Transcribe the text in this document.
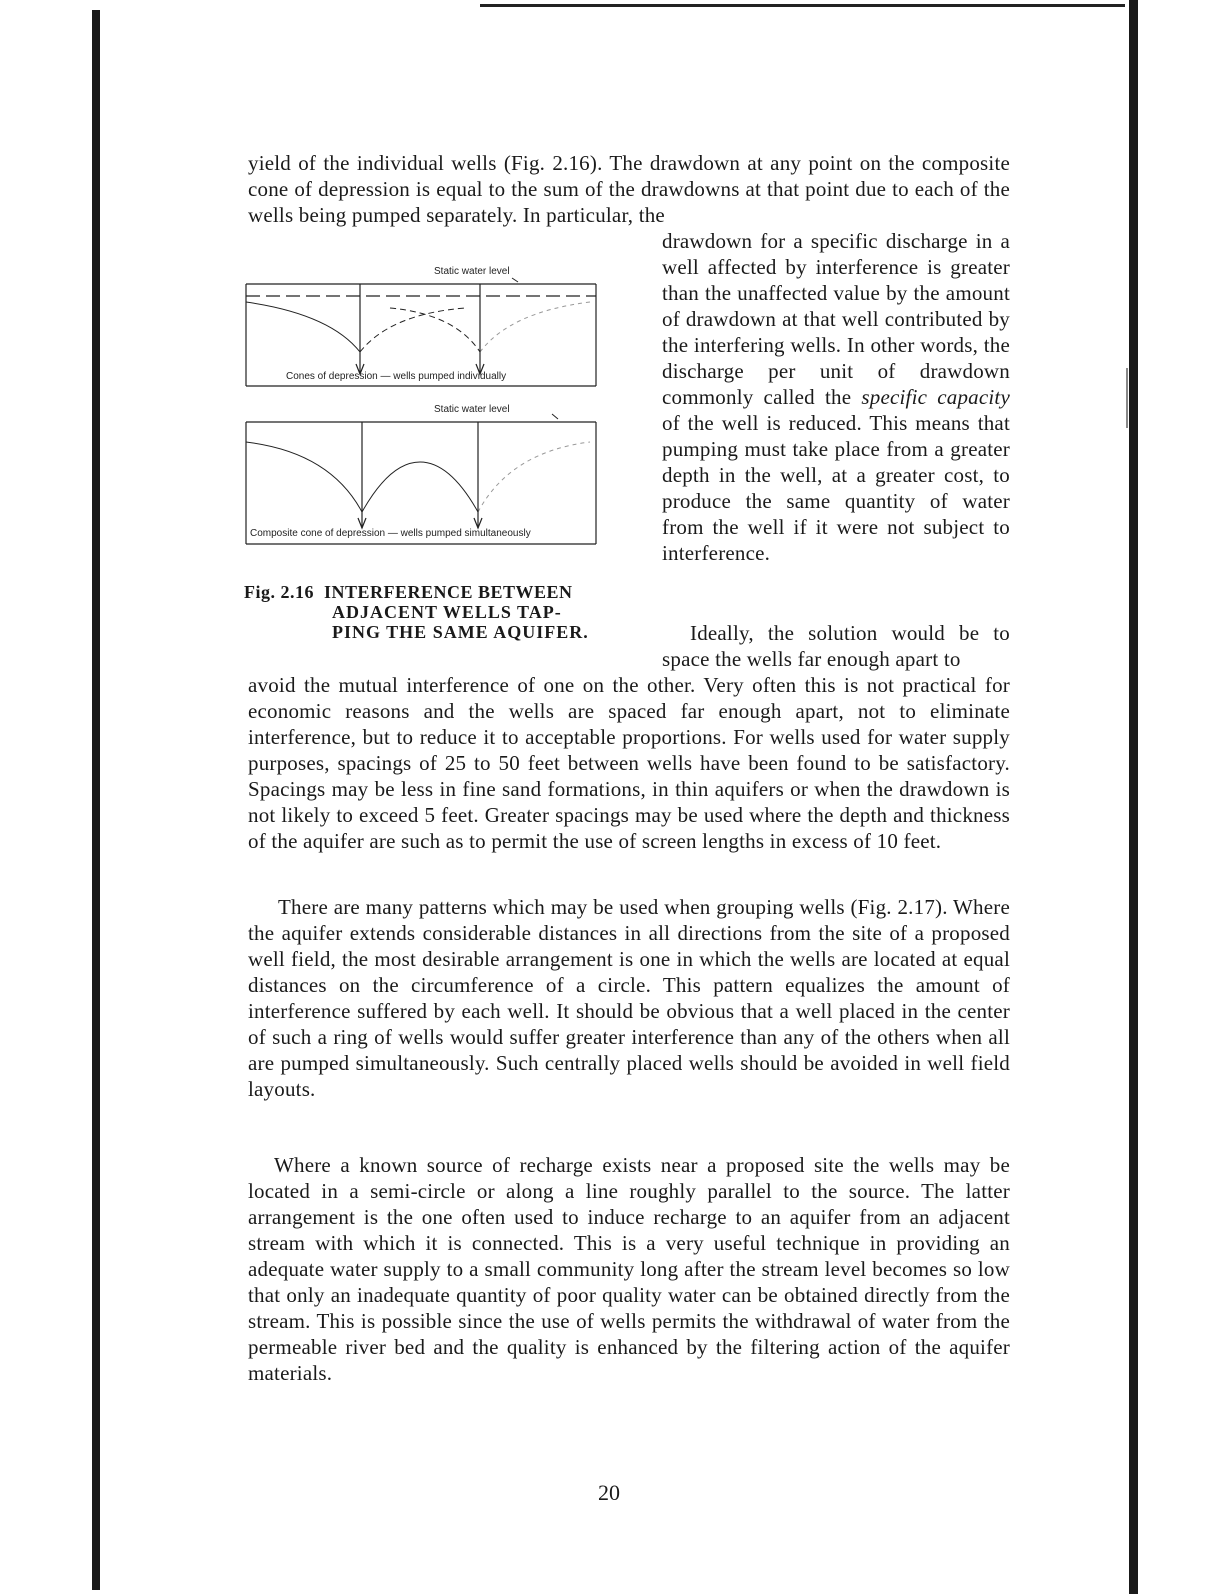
yield of the individual wells (Fig. 2.16). The drawdown at any point on the composite cone of depression is equal to the sum of the drawdowns at that point due to each of the wells being pumped separately. In particular, the

drawdown for a specific discharge in a well affected by interference is greater than the unaffected value by the amount of drawdown at that well contributed by the interfering wells. In other words, the discharge per unit of drawdown commonly called the specific capacity of the well is reduced. This means that pumping must take place from a greater depth in the well, at a greater cost, to produce the same quantity of water from the well if it were not subject to interference.

Static water level
Cones of depression — wells pumped individually
Static water level
Composite cone of depression — wells pumped simultaneously
Fig. 2.16 INTERFERENCE BETWEEN
ADJACENT WELLS TAP-
PING THE SAME AQUIFER.	Ideally, the solution would be to space the wells far enough apart to

avoid the mutual interference of one on the other. Very often this is not practical for economic reasons and the wells are spaced far enough apart, not to eliminate interference, but to reduce it to acceptable proportions. For wells used for water supply purposes, spacings of 25 to 50 feet between wells have been found to be satisfactory. Spacings may be less in fine sand formations, in thin aquifers or when the drawdown is not likely to exceed 5 feet. Greater spacings may be used where the depth and thickness of the aquifer are such as to permit the use of screen lengths in excess of 10 feet.

There are many patterns which may be used when grouping wells (Fig. 2.17). Where the aquifer extends considerable distances in all directions from the site of a proposed well field, the most desirable arrangement is one in which the wells are located at equal distances on the circumference of a circle. This pattern equalizes the amount of interference suffered by each well. It should be obvious that a well placed in the center of such a ring of wells would suffer greater interference than any of the others when all are pumped simultaneously. Such centrally placed wells should be avoided in well field layouts.

Where a known source of recharge exists near a proposed site the wells may be located in a semi-circle or along a line roughly parallel to the source. The latter arrangement is the one often used to induce recharge to an aquifer from an adjacent stream with which it is connected. This is a very useful technique in providing an adequate water supply to a small community long after the stream level becomes so low that only an inadequate quantity of poor quality water can be obtained directly from the stream. This is possible since the use of wells permits the withdrawal of water from the permeable river bed and the quality is enhanced by the filtering action of the aquifer materials.

20
